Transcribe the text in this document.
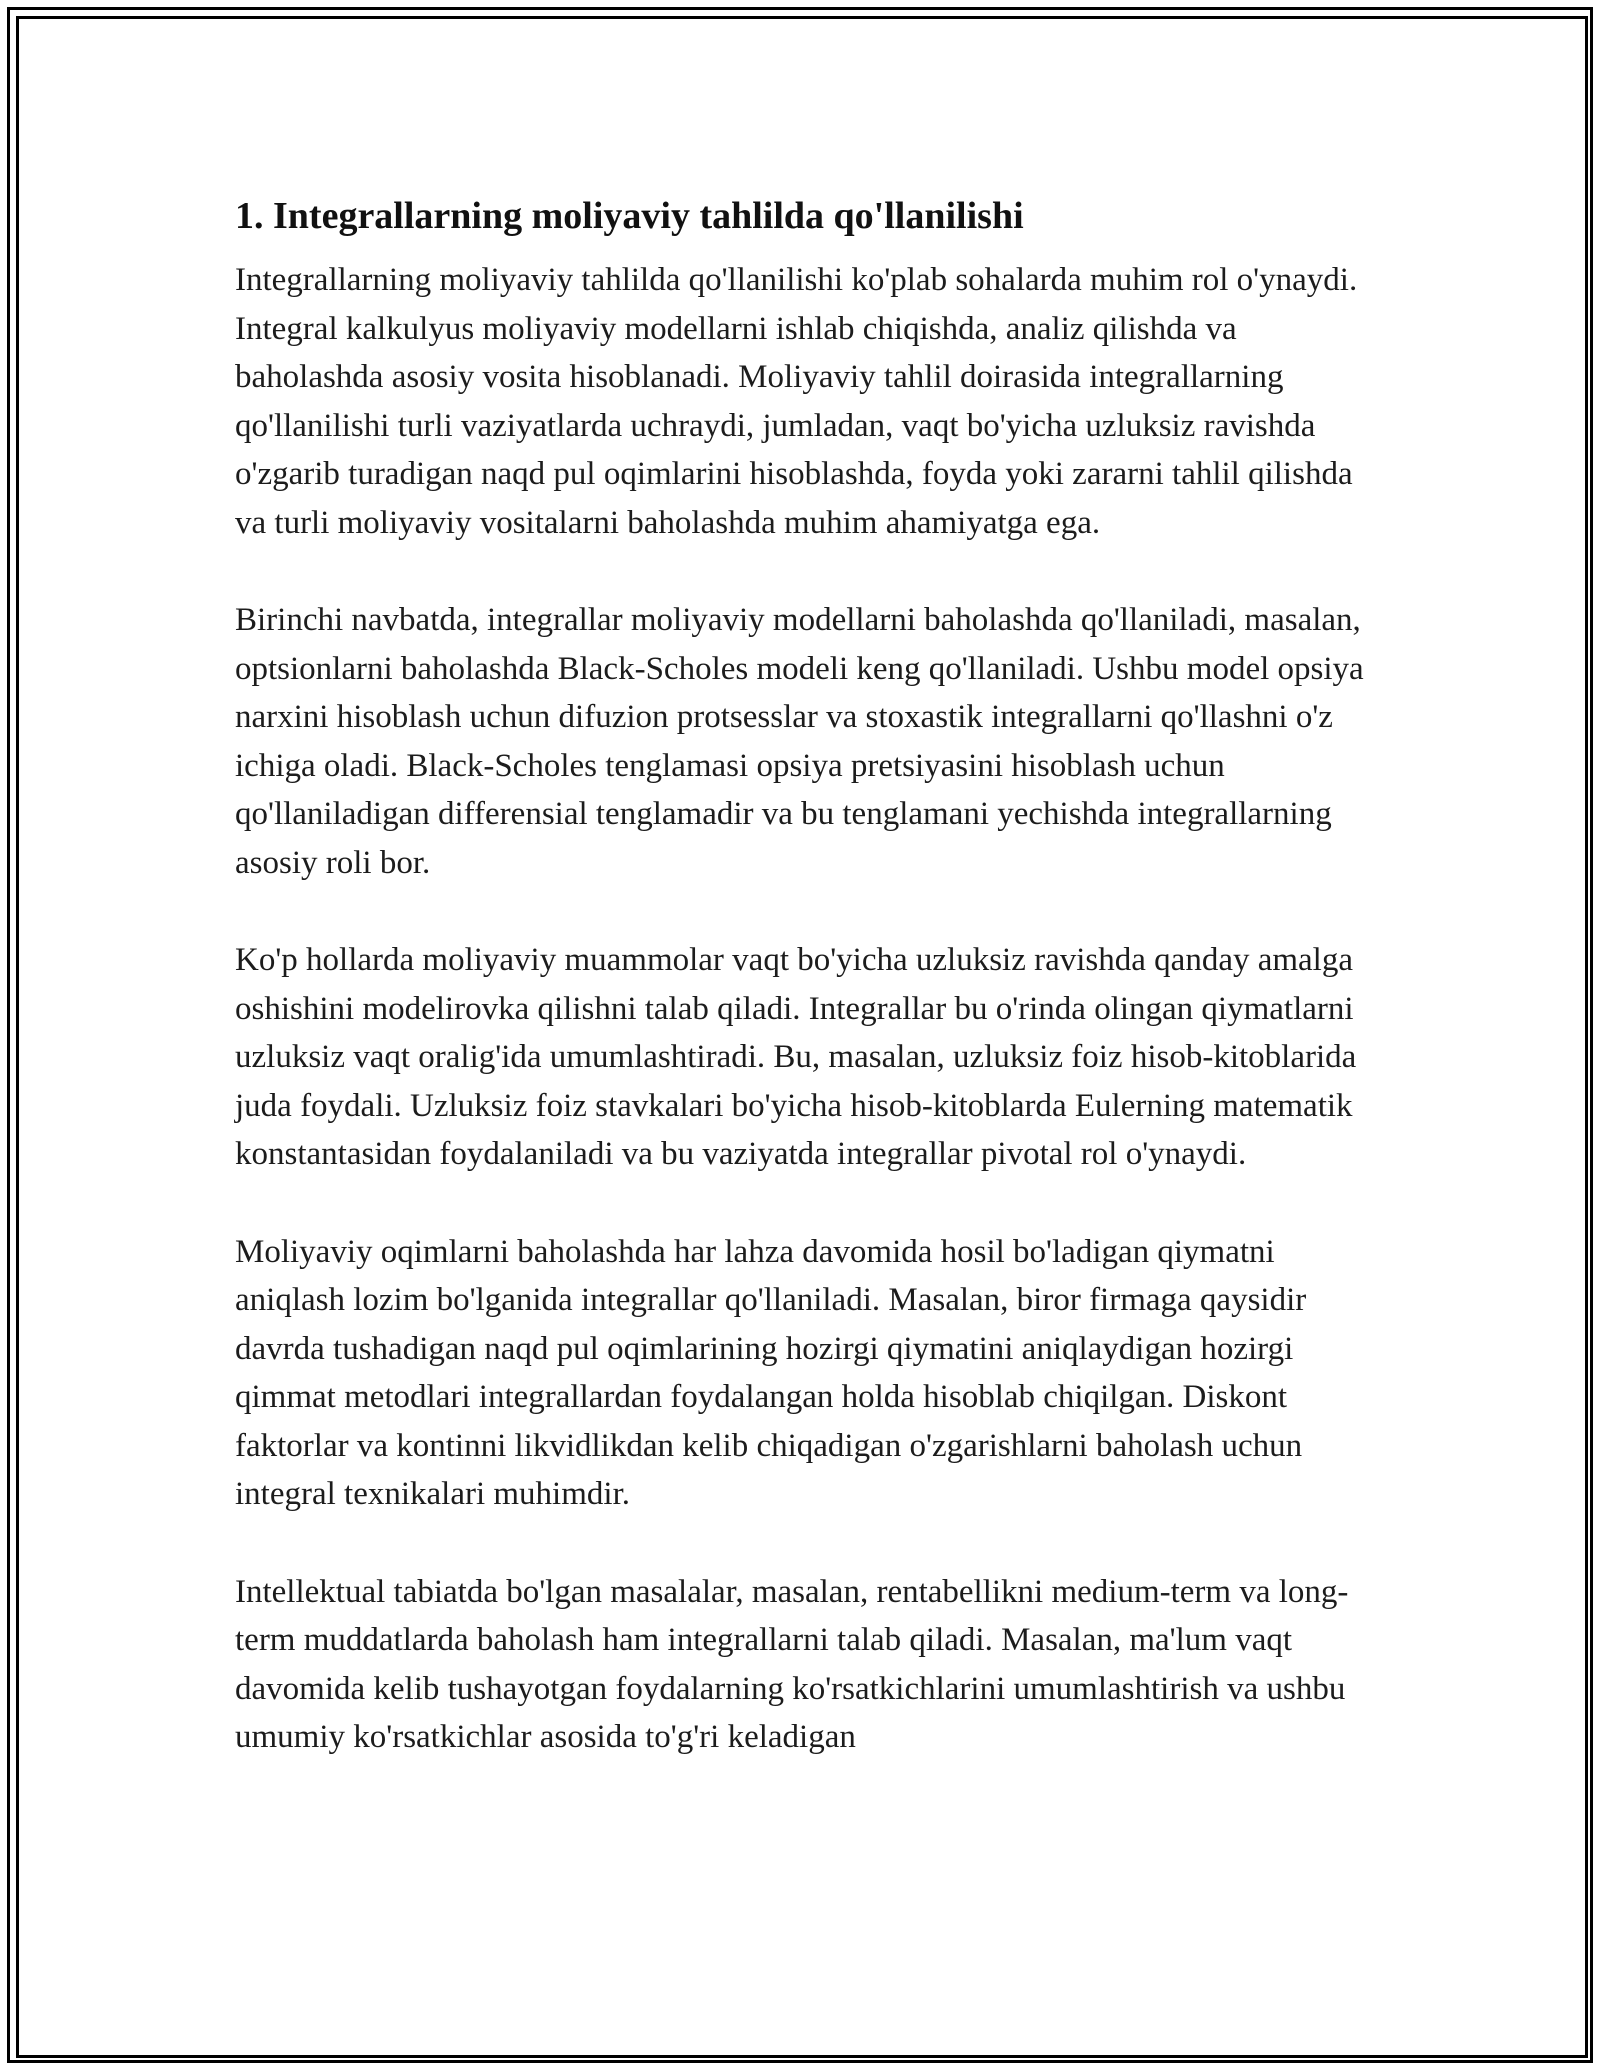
1. Integrallarning moliyaviy tahlilda qo'llanilishi

Integrallarning moliyaviy tahlilda qo'llanilishi ko'plab sohalarda muhim rol o'ynaydi. Integral kalkulyus moliyaviy modellarni ishlab chiqishda, analiz qilishda va baholashda asosiy vosita hisoblanadi. Moliyaviy tahlil doirasida integrallarning qo'llanilishi turli vaziyatlarda uchraydi, jumladan, vaqt bo'yicha uzluksiz ravishda o'zgarib turadigan naqd pul oqimlarini hisoblashda, foyda yoki zararni tahlil qilishda va turli moliyaviy vositalarni baholashda muhim ahamiyatga ega.

Birinchi navbatda, integrallar moliyaviy modellarni baholashda qo'llaniladi, masalan, optsionlarni baholashda Black-Scholes modeli keng qo'llaniladi. Ushbu model opsiya narxini hisoblash uchun difuzion protsesslar va stoxastik integrallarni qo'llashni o'z ichiga oladi. Black-Scholes tenglamasi opsiya pretsiyasini hisoblash uchun qo'llaniladigan differensial tenglamadir va bu tenglamani yechishda integrallarning asosiy roli bor.

Ko'p hollarda moliyaviy muammolar vaqt bo'yicha uzluksiz ravishda qanday amalga oshishini modelirovka qilishni talab qiladi. Integrallar bu o'rinda olingan qiymatlarni uzluksiz vaqt oralig'ida umumlashtiradi. Bu, masalan, uzluksiz foiz hisob-kitoblarida juda foydali. Uzluksiz foiz stavkalari bo'yicha hisob-kitoblarda Eulerning matematik konstantasidan foydalaniladi va bu vaziyatda integrallar pivotal rol o'ynaydi.

Moliyaviy oqimlarni baholashda har lahza davomida hosil bo'ladigan qiymatni aniqlash lozim bo'lganida integrallar qo'llaniladi. Masalan, biror firmaga qaysidir davrda tushadigan naqd pul oqimlarining hozirgi qiymatini aniqlaydigan hozirgi qimmat metodlari integrallardan foydalangan holda hisoblab chiqilgan. Diskont faktorlar va kontinni likvidlikdan kelib chiqadigan o'zgarishlarni baholash uchun integral texnikalari muhimdir.

Intellektual tabiatda bo'lgan masalalar, masalan, rentabellikni medium-term va long-term muddatlarda baholash ham integrallarni talab qiladi. Masalan, ma'lum vaqt davomida kelib tushayotgan foydalarning ko'rsatkichlarini umumlashtirish va ushbu umumiy ko'rsatkichlar asosida to'g'ri keladigan
